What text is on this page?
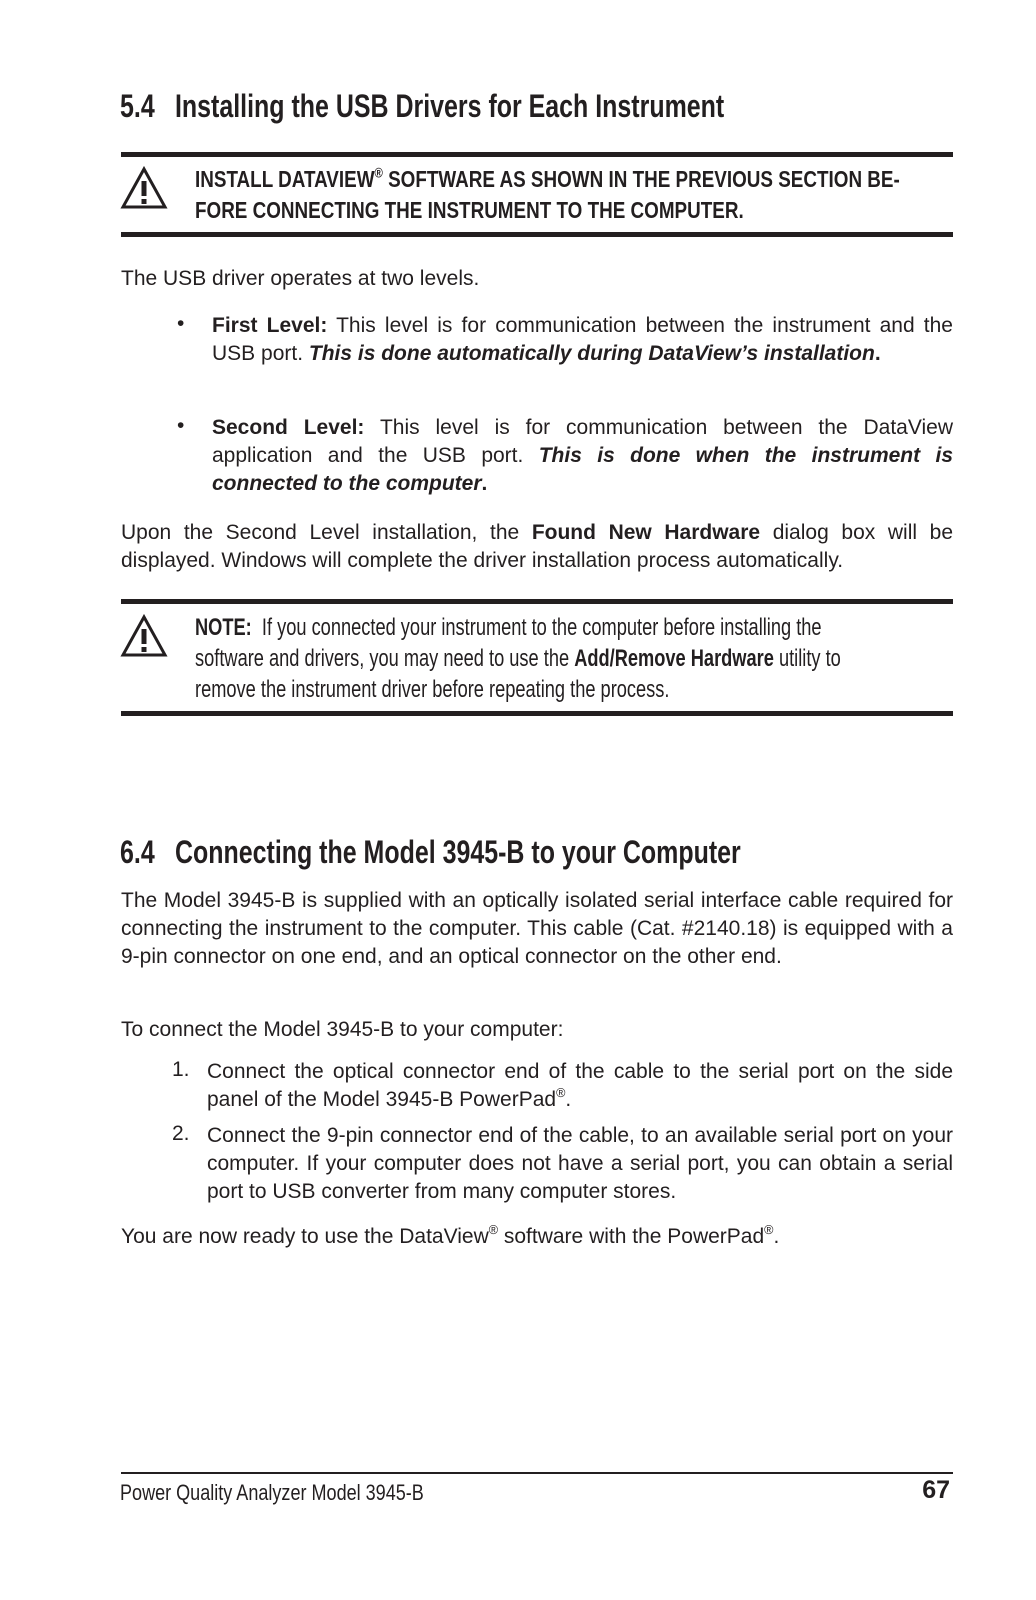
5.4 Installing the USB Drivers for Each Instrument
INSTALL DATAVIEW® SOFTWARE AS SHOWN IN THE PREVIOUS SECTION BE-
FORE CONNECTING THE INSTRUMENT TO THE COMPUTER.
The USB driver operates at two levels.
• First Level: This level is for communication between the instrument and the USB port. This is done automatically during DataView’s installation.
• Second Level: This level is for communication between the DataView application and the USB port. This is done when the instrument is connected to the computer.
Upon the Second Level installation, the Found New Hardware dialog box will be displayed. Windows will complete the driver installation process automatically.
NOTE:  If you connected your instrument to the computer before installing the
software and drivers, you may need to use the Add/Remove Hardware utility to
remove the instrument driver before repeating the process.
6.4 Connecting the Model 3945-B to your Computer
The Model 3945-B is supplied with an optically isolated serial interface cable required for connecting the instrument to the computer. This cable (Cat. #2140.18) is equipped with a 9-pin connector on one end, and an optical connector on the other end.
To connect the Model 3945-B to your computer:
1. Connect the optical connector end of the cable to the serial port on the side panel of the Model 3945-B PowerPad®.
2. Connect the 9-pin connector end of the cable, to an available serial port on your computer. If your computer does not have a serial port, you can obtain a serial port to USB converter from many computer stores.
You are now ready to use the DataView® software with the PowerPad®.
Power Quality Analyzer Model 3945-B	67
